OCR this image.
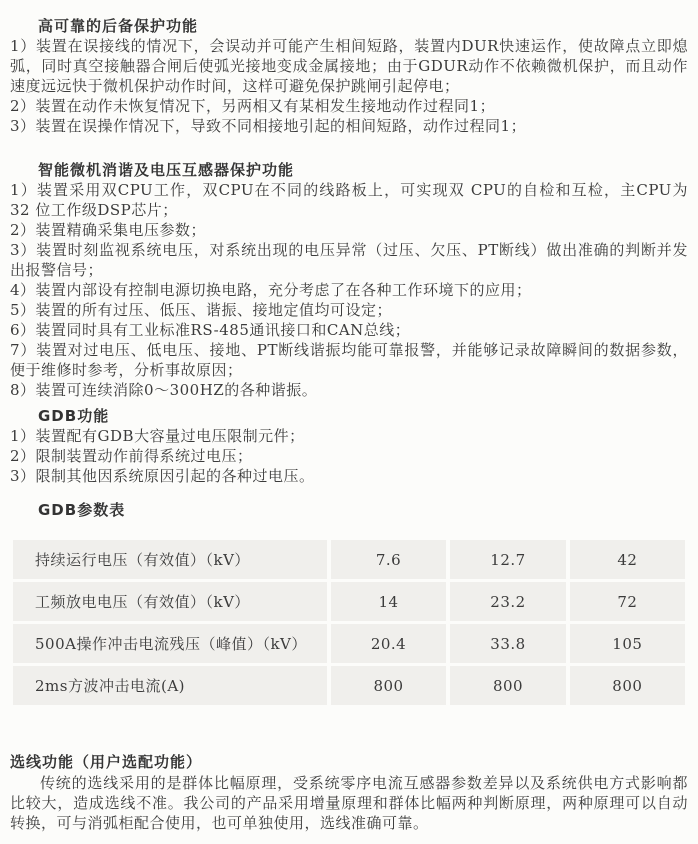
高可靠的后备保护功能
1）装置在误接线的情况下，会误动并可能产生相间短路，装置内DUR快速运作，使故障点立即熄弧，同时真空接触器合闸后使弧光接地变成金属接地；由于GDUR动作不依赖微机保护，而且动作速度远远快于微机保护动作时间，这样可避免保护跳闸引起停电；
2）装置在动作未恢复情况下，另两相又有某相发生接地动作过程同1；
3）装置在误操作情况下，导致不同相接地引起的相间短路，动作过程同1；
智能微机消谐及电压互感器保护功能
1）装置采用双CPU工作，双CPU在不同的线路板上，可实现双 CPU的自检和互检，主CPU为 32 位工作级DSP芯片；
2）装置精确采集电压参数；
3）装置时刻监视系统电压，对系统出现的电压异常（过压、欠压、PT断线）做出准确的判断并发出报警信号；
4）装置内部设有控制电源切换电路，充分考虑了在各种工作环境下的应用；
5）装置的所有过压、低压、谐振、接地定值均可设定；
6）装置同时具有工业标准RS-485通讯接口和CAN总线；
7）装置对过电压、低电压、接地、PT断线谐振均能可靠报警，并能够记录故障瞬间的数据参数，便于维修时参考，分析事故原因；
8）装置可连续消除0～300HZ的各种谐振。
GDB功能
1）装置配有GDB大容量过电压限制元件；
2）限制装置动作前得系统过电压；
3）限制其他因系统原因引起的各种过电压。
GDB参数表
持续运行电压（有效值）（kV）	7.6	12.7	42
工频放电电压（有效值）（kV）	14	23.2	72
500A操作冲击电流残压（峰值）（kV）	20.4	33.8	105
2ms方波冲击电流(A)	800	800	800
选线功能（用户选配功能）
传统的选线采用的是群体比幅原理，受系统零序电流互感器参数差异以及系统供电方式影响都比较大，造成选线不准。我公司的产品采用增量原理和群体比幅两种判断原理，两种原理可以自动转换，可与消弧柜配合使用，也可单独使用，选线准确可靠。
